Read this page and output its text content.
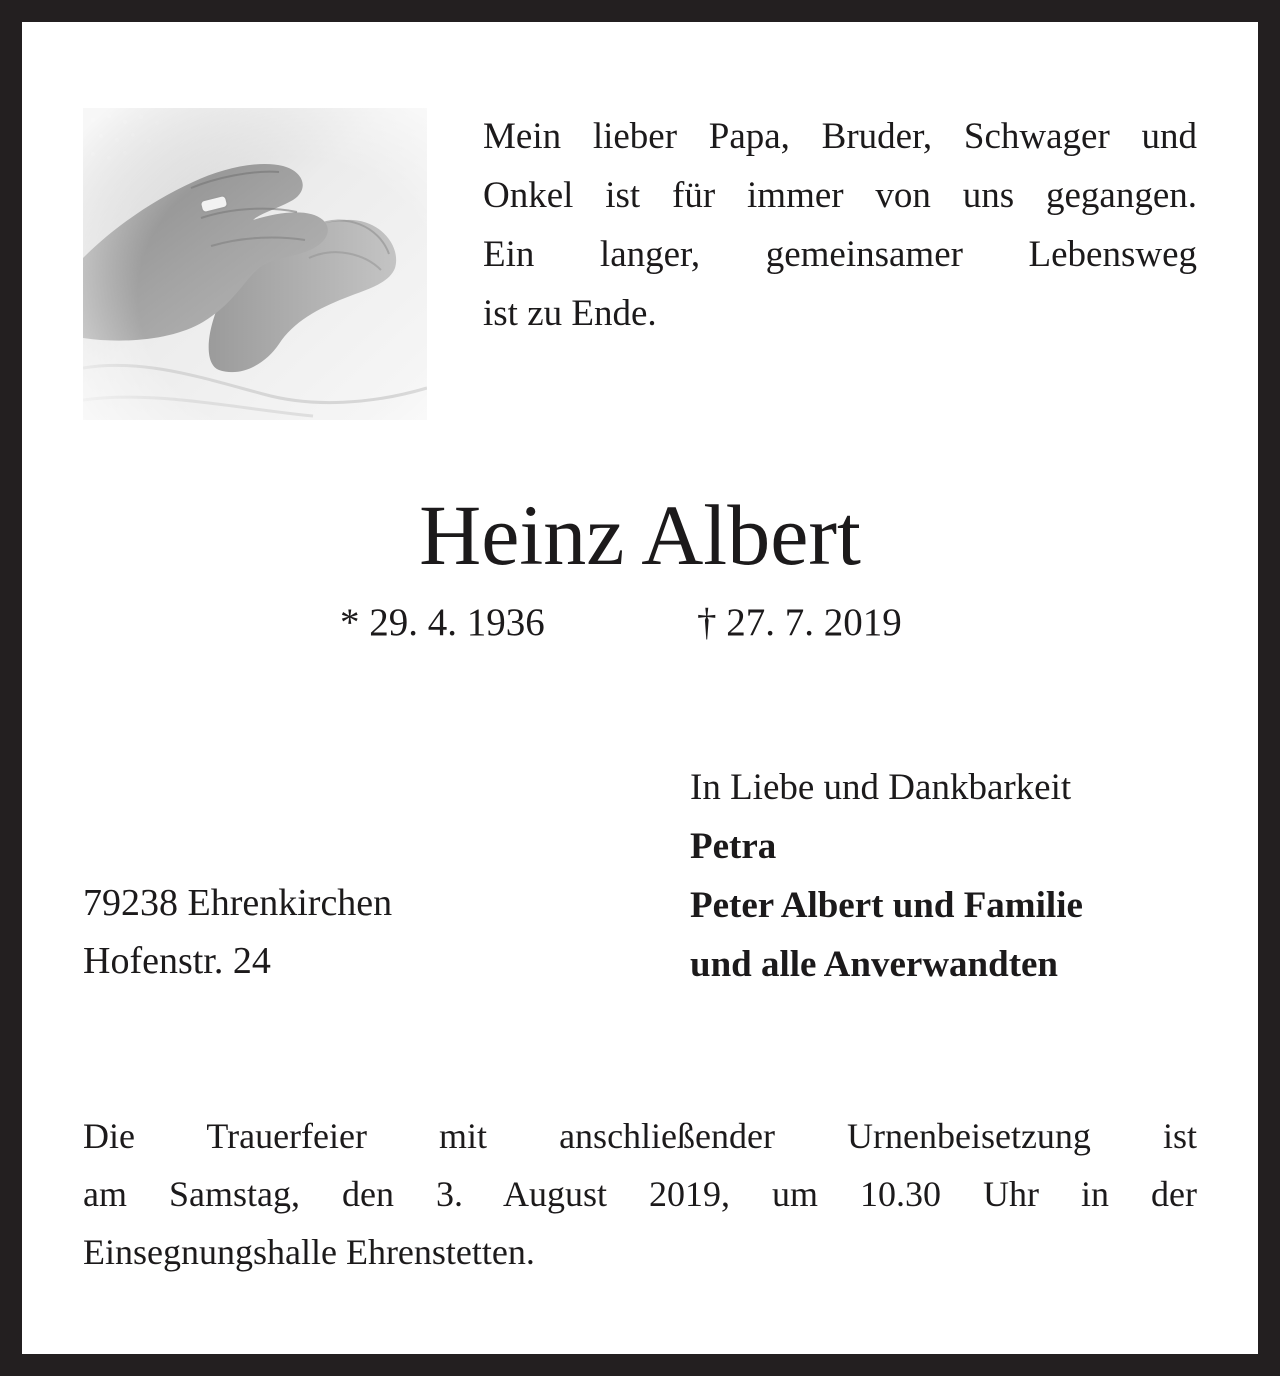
Mein lieber Papa, Bruder, Schwager und
Onkel ist für immer von uns gegangen.
Ein langer, gemeinsamer Lebensweg
ist zu Ende.
Heinz Albert
* 29. 4. 1936	† 27. 7. 2019
In Liebe und Dankbarkeit
Petra
Peter Albert und Familie
und alle Anverwandten
79238 Ehrenkirchen
Hofenstr. 24
Die Trauerfeier mit anschließender Urnenbeisetzung ist
am Samstag, den 3. August 2019, um 10.30 Uhr in der
Einsegnungshalle Ehrenstetten.
